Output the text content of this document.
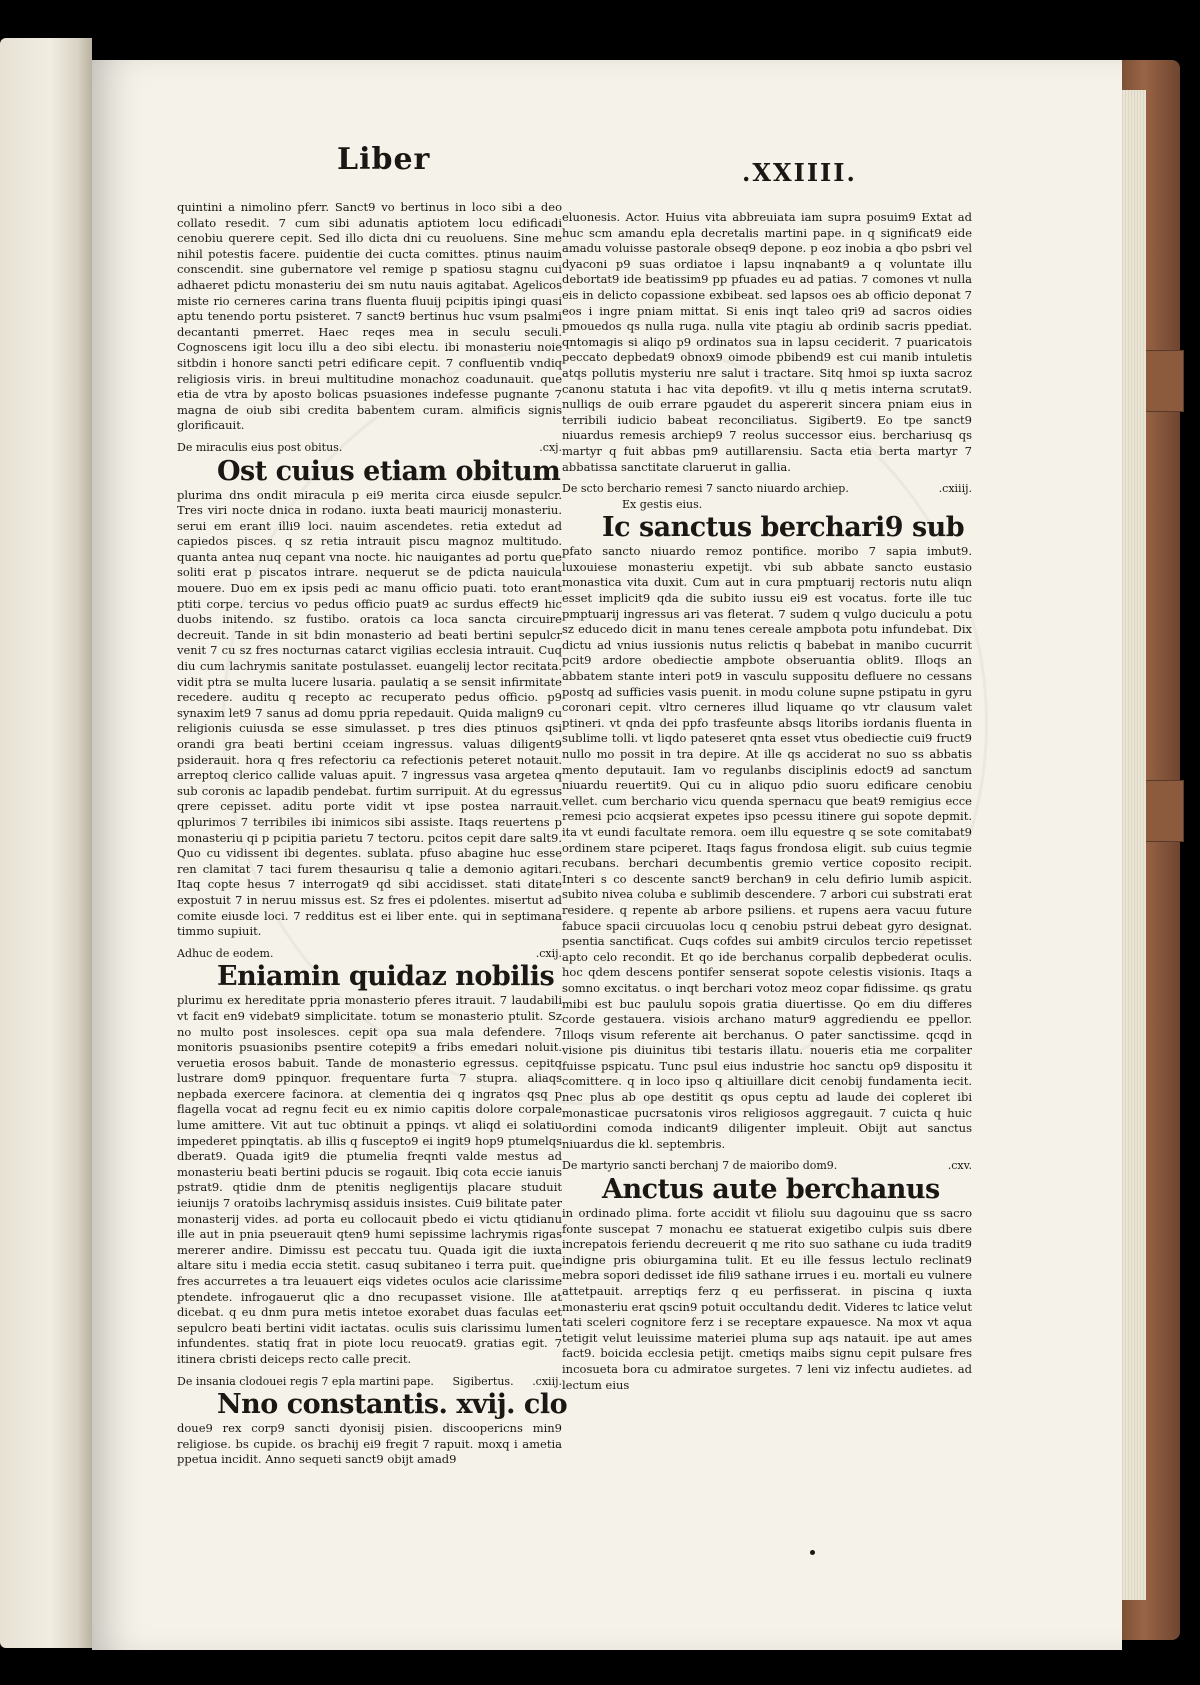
Liber	.XXIIII.

quintini a nimolino pferr. Sanct9 vo bertinus in loco sibi a deo collato resedit. 7 cum sibi adunatis aptiotem locu edificadi cenobiu querere cepit. Sed illo dicta dni cu reuoluens. Sine me nihil potestis facere. puidentie dei cucta comittes. ptinus nauim conscendit. sine gubernatore vel remige p spatiosu stagnu cui adhaeret pdictu monasteriu dei sm nutu nauis agitabat. Agelicos miste rio cerneres carina trans fluenta fluuij pcipitis ipingi quasi aptu tenendo portu psisteret. 7 sanct9 bertinus huc vsum psalmi decantanti pmerret. Haec reqes mea in seculu seculi. Cognoscens igit locu illu a deo sibi electu. ibi monasteriu noie sitbdin i honore sancti petri edificare cepit. 7 confluentib vndiq religiosis viris. in breui multitudine monachoz coadunauit. que etia de vtra by aposto bolicas psuasiones indefesse pugnante 7 magna de oiub sibi credita babentem curam. almificis signis glorificauit.

De miraculis eius post obitus.	.cxj.
Ost cuius etiam obitum

plurima dns ondit miracula p ei9 merita circa eiusde sepulcr. Tres viri nocte dnica in rodano. iuxta beati mauricij monasteriu. serui em erant illi9 loci. nauim ascendetes. retia extedut ad capiedos pisces. q sz retia intrauit piscu magnoz multitudo. quanta antea nuq cepant vna nocte. hic nauigantes ad portu que soliti erat p piscatos intrare. nequerut se de pdicta nauicula mouere. Duo em ex ipsis pedi ac manu officio puati. toto erant ptiti corpe. tercius vo pedus officio puat9 ac surdus effect9 hic duobs initendo. sz fustibo. oratois ca loca sancta circuire decreuit. Tande in sit bdin monasterio ad beati bertini sepulcr venit 7 cu sz fres nocturnas catarct vigilias ecclesia intrauit. Cuq diu cum lachrymis sanitate postulasset. euangelij lector recitata. vidit ptra se multa lucere lusaria. paulatiq a se sensit infirmitate recedere. auditu q recepto ac recuperato pedus officio. p9 synaxim let9 7 sanus ad domu ppria repedauit. Quida malign9 cu religionis cuiusda se esse simulasset. p tres dies ptinuos qsi orandi gra beati bertini cceiam ingressus. valuas diligent9 psiderauit. hora q fres refectoriu ca refectionis peteret notauit. arreptoq clerico callide valuas apuit. 7 ingressus vasa argetea q sub coronis ac lapadib pendebat. furtim surripuit. At du egressus qrere cepisset. aditu porte vidit vt ipse postea narrauit. qplurimos 7 terribiles ibi inimicos sibi assiste. Itaqs reuertens p monasteriu qi p pcipitia parietu 7 tectoru. pcitos cepit dare salt9. Quo cu vidissent ibi degentes. sublata. pfuso abagine huc esse ren clamitat 7 taci furem thesaurisu q talie a demonio agitari. Itaq copte hesus 7 interrogat9 qd sibi accidisset. stati ditate expostuit 7 in neruu missus est. Sz fres ei pdolentes. misertut ad comite eiusde loci. 7 redditus est ei liber ente. qui in septimana timmo supiuit.

Adhuc de eodem.	.cxij.
Eniamin quidaz nobilis

plurimu ex hereditate ppria monasterio pferes itrauit. 7 laudabili vt facit en9 videbat9 simplicitate. totum se monasterio ptulit. Sz no multo post insolesces. cepit opa sua mala defendere. 7 monitoris psuasionibs psentire cotepit9 a fribs emedari noluit. veruetia erosos babuit. Tande de monasterio egressus. cepitq lustrare dom9 ppinquor. frequentare furta 7 stupra. aliaqs nepbada exercere facinora. at clementia dei q ingratos qsq p flagella vocat ad regnu fecit eu ex nimio capitis dolore corpale lume amittere. Vit aut tuc obtinuit a ppinqs. vt aliqd ei solatiu impederet ppinqtatis. ab illis q fuscepto9 ei ingit9 hop9 ptumelqs dberat9. Quada igit9 die ptumelia freqnti valde mestus ad monasteriu beati bertini pducis se rogauit. Ibiq cota eccie ianuis pstrat9. qtidie dnm de ptenitis negligentijs placare studuit ieiunijs 7 oratoibs lachrymisq assiduis insistes. Cui9 bilitate pater monasterij vides. ad porta eu collocauit pbedo ei victu qtidianu ille aut in pnia pseuerauit qten9 humi sepissime lachrymis rigas mererer andire. Dimissu est peccatu tuu. Quada igit die iuxta altare situ i media eccia stetit. casuq subitaneo i terra puit. que fres accurretes a tra leuauert eiqs videtes oculos acie clarissime ptendete. infrogauerut qlic a dno recupasset visione. Ille at dicebat. q eu dnm pura metis intetoe exorabet duas faculas eet sepulcro beati bertini vidit iactatas. oculis suis clarissimu lumen infundentes. statiq frat in piote locu reuocat9. gratias egit. 7 itinera cbristi deiceps recto calle precit.

De insania clodouei regis 7 epla martini pape. Sigibertus. .cxiij.
Nno constantis. xvij. clo

doue9 rex corp9 sancti dyonisij pisien. discoopericns min9 religiose. bs cupide. os brachij ei9 fregit 7 rapuit. moxq i ametia ppetua incidit. Anno sequeti sanct9 obijt amad9

eluonesis. Actor. Huius vita abbreuiata iam supra posuim9 Extat ad huc scm amandu epla decretalis martini pape. in q significat9 eide amadu voluisse pastorale obseq9 depone. p eoz inobia a qbo psbri vel dyaconi p9 suas ordiatoe i lapsu inqnabant9 a q voluntate illu debortat9 ide beatissim9 pp pfuades eu ad patias. 7 comones vt nulla eis in delicto copassione exbibeat. sed lapsos oes ab officio deponat 7 eos i ingre pniam mittat. Si enis inqt taleo qri9 ad sacros oidies pmouedos qs nulla ruga. nulla vite ptagiu ab ordinib sacris ppediat. qntomagis si aliqo p9 ordinatos sua in lapsu ceciderit. 7 puaricatois peccato depbedat9 obnox9 oimode pbibend9 est cui manib intuletis atqs pollutis mysteriu nre salut i tractare. Sitq hmoi sp iuxta sacroz canonu statuta i hac vita depofit9. vt illu q metis interna scrutat9. nulliqs de ouib errare pgaudet du aspererit sincera pniam eius in terribili iudicio babeat reconciliatus. Sigibert9. Eo tpe sanct9 niuardus remesis archiep9 7 reolus successor eius. berchariusq qs martyr q fuit abbas pm9 autillarensiu. Sacta etia berta martyr 7 abbatissa sanctitate claruerut in gallia.

De scto berchario remesi 7 sancto niuardo archiep.	.cxiiij.
Ex gestis eius.
Ic sanctus berchari9 sub

pfato sancto niuardo remoz pontifice. moribo 7 sapia imbut9. luxouiese monasteriu expetijt. vbi sub abbate sancto eustasio monastica vita duxit. Cum aut in cura pmptuarij rectoris nutu aliqn esset implicit9 qda die subito iussu ei9 est vocatus. forte ille tuc pmptuarij ingressus ari vas fleterat. 7 sudem q vulgo duciculu a potu sz educedo dicit in manu tenes cereale ampbota potu infundebat. Dix dictu ad vnius iussionis nutus relictis q babebat in manibo cucurrit pcit9 ardore obediectie ampbote obseruantia oblit9. Illoqs an abbatem stante interi pot9 in vasculu suppositu defluere no cessans postq ad sufficies vasis puenit. in modu colune supne pstipatu in gyru coronari cepit. vltro cerneres illud liquame qo vtr clausum valet ptineri. vt qnda dei ppfo trasfeunte absqs litoribs iordanis fluenta in sublime tolli. vt liqdo pateseret qnta esset vtus obediectie cui9 fruct9 nullo mo possit in tra depire. At ille qs acciderat no suo ss abbatis mento deputauit. Iam vo regulanbs disciplinis edoct9 ad sanctum niuardu reuertit9. Qui cu in aliquo pdio suoru edificare cenobiu vellet. cum berchario vicu quenda spernacu que beat9 remigius ecce remesi pcio acqsierat expetes ipso pcessu itinere gui sopote depmit. ita vt eundi facultate remora. oem illu equestre q se sote comitabat9 ordinem stare pciperet. Itaqs fagus frondosa eligit. sub cuius tegmie recubans. berchari decumbentis gremio vertice coposito recipit. Interi s co descente sanct9 berchan9 in celu defirio lumib aspicit. subito nivea coluba e sublimib descendere. 7 arbori cui substrati erat residere. q repente ab arbore psiliens. et rupens aera vacuu future fabuce spacii circuuolas locu q cenobiu pstrui debeat gyro designat. psentia sanctificat. Cuqs cofdes sui ambit9 circulos tercio repetisset apto celo recondit. Et qo ide berchanus corpalib depbederat oculis. hoc qdem descens pontifer senserat sopote celestis visionis. Itaqs a somno excitatus. o inqt berchari votoz meoz copar fidissime. qs gratu mibi est buc paululu sopois gratia diuertisse. Qo em diu differes corde gestauera. visiois archano matur9 aggrediendu ee ppellor. Illoqs visum referente ait berchanus. O pater sanctissime. qcqd in visione pis diuinitus tibi testaris illatu. noueris etia me corpaliter fuisse pspicatu. Tunc psul eius industrie hoc sanctu op9 dispositu it comittere. q in loco ipso q altiuillare dicit cenobij fundamenta iecit. nec plus ab ope destitit qs opus ceptu ad laude dei copleret ibi monasticae pucrsatonis viros religiosos aggregauit. 7 cuicta q huic ordini comoda indicant9 diligenter impleuit. Obijt aut sanctus niuardus die kl. septembris.

De martyrio sancti berchanj 7 de maioribo dom9.	.cxv.
Anctus aute berchanus

in ordinado plima. forte accidit vt filiolu suu dagouinu que ss sacro fonte suscepat 7 monachu ee statuerat exigetibo culpis suis dbere increpatois feriendu decreuerit q me rito suo sathane cu iuda tradit9 indigne pris obiurgamina tulit. Et eu ille fessus lectulo reclinat9 mebra sopori dedisset ide fili9 sathane irrues i eu. mortali eu vulnere attetpauit. arreptiqs ferz q eu perfisserat. in piscina q iuxta monasteriu erat qscin9 potuit occultandu dedit. Videres tc latice velut tati sceleri cognitore ferz i se receptare expauesce. Na mox vt aqua tetigit velut leuissime materiei pluma sup aqs natauit. ipe aut ames fact9. boicida ecclesia petijt. cmetiqs maibs signu cepit pulsare fres incosueta bora cu admiratoe surgetes. 7 leni viz infectu audietes. ad lectum eius
